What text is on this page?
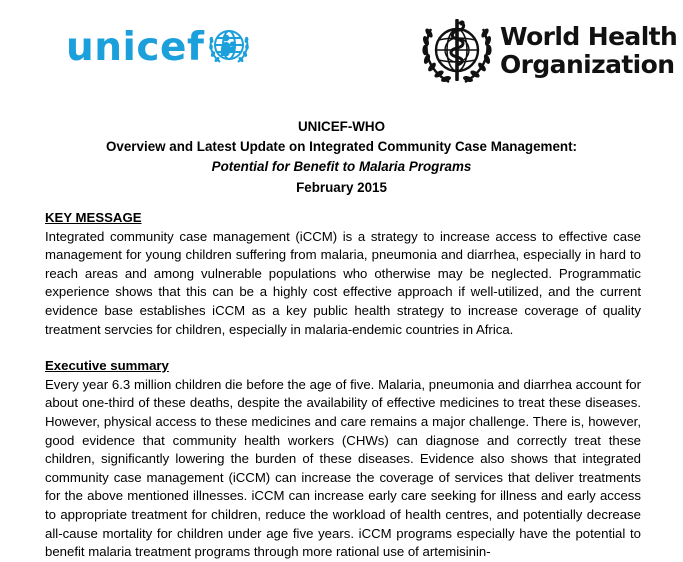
unicef	World Health
Organization
UNICEF-WHO
Overview and Latest Update on Integrated Community Case Management:
Potential for Benefit to Malaria Programs
February 2015

KEY MESSAGE

Integrated community case management (iCCM) is a strategy to increase access to effective case management for young children suffering from malaria, pneumonia and diarrhea, especially in hard to reach areas and among vulnerable populations who otherwise may be neglected. Programmatic experience shows that this can be a highly cost effective approach if well-utilized, and the current evidence base establishes iCCM as a key public health strategy to increase coverage of quality treatment servcies for children, especially in malaria-endemic countries in Africa.

Executive summary

Every year 6.3 million children die before the age of five. Malaria, pneumonia and diarrhea account for about one-third of these deaths, despite the availability of effective medicines to treat these diseases. However, physical access to these medicines and care remains a major challenge. There is, however, good evidence that community health workers (CHWs) can diagnose and correctly treat these children, significantly lowering the burden of these diseases. Evidence also shows that integrated community case management (iCCM) can increase the coverage of services that deliver treatments for the above mentioned illnesses. iCCM can increase early care seeking for illness and early access to appropriate treatment for children, reduce the workload of health centres, and potentially decrease all-cause mortality for children under age five years. iCCM programs especially have the potential to benefit malaria treatment programs through more rational use of artemisinin-
